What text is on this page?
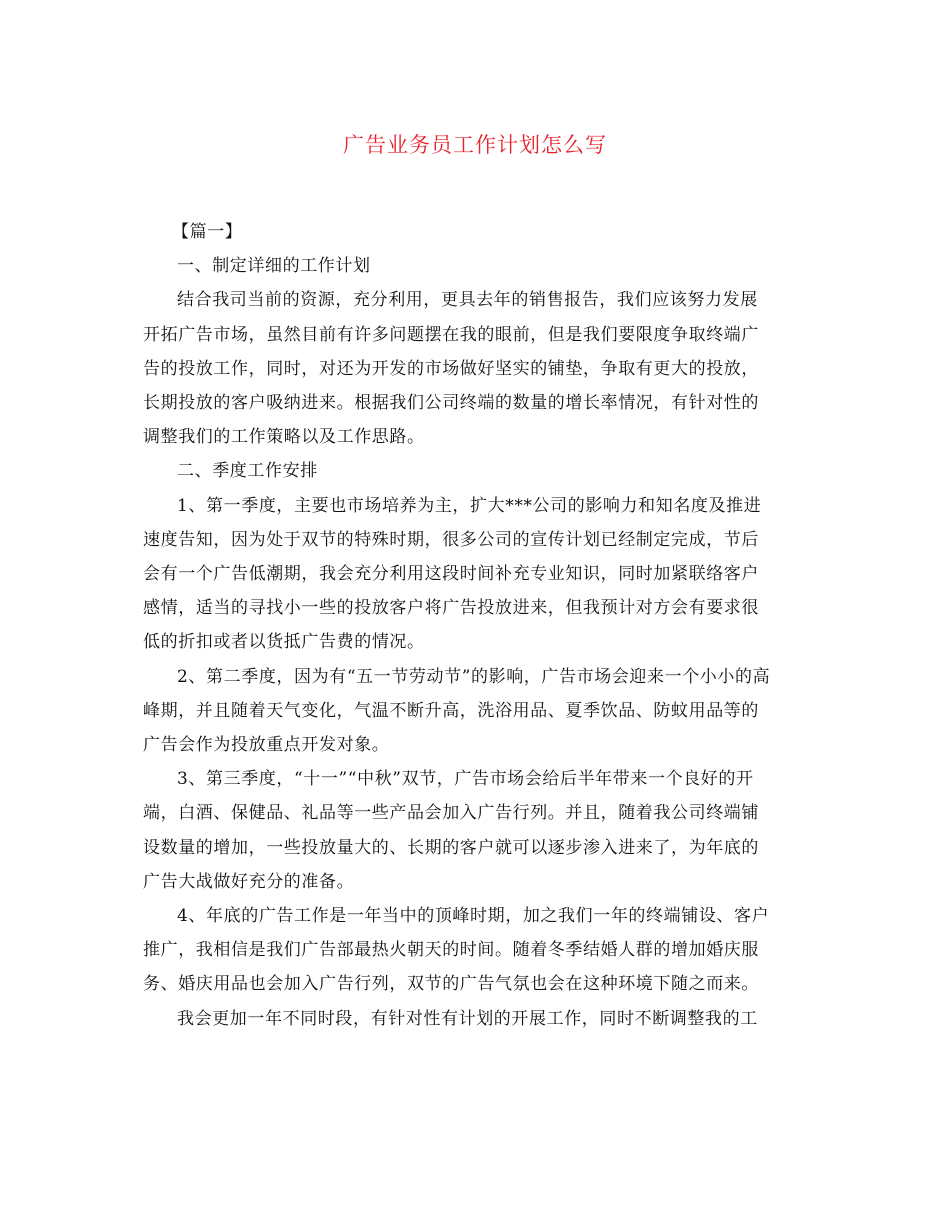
广告业务员工作计划怎么写

【篇一】

一、制定详细的工作计划

结合我司当前的资源，充分利用，更具去年的销售报告，我们应该努力发展

开拓广告市场，虽然目前有许多问题摆在我的眼前，但是我们要限度争取终端广

告的投放工作，同时，对还为开发的市场做好坚实的铺垫，争取有更大的投放，

长期投放的客户吸纳进来。根据我们公司终端的数量的增长率情况，有针对性的

调整我们的工作策略以及工作思路。

二、季度工作安排

1、第一季度，主要也市场培养为主，扩大***公司的影响力和知名度及推进

速度告知，因为处于双节的特殊时期，很多公司的宣传计划已经制定完成，节后

会有一个广告低潮期，我会充分利用这段时间补充专业知识，同时加紧联络客户

感情，适当的寻找小一些的投放客户将广告投放进来，但我预计对方会有要求很

低的折扣或者以货抵广告费的情况。

2、第二季度，因为有“五一节劳动节”的影响，广告市场会迎来一个小小的高

峰期，并且随着天气变化，气温不断升高，洗浴用品、夏季饮品、防蚊用品等的

广告会作为投放重点开发对象。

3、第三季度，“十一”“中秋”双节，广告市场会给后半年带来一个良好的开

端，白酒、保健品、礼品等一些产品会加入广告行列。并且，随着我公司终端铺

设数量的增加，一些投放量大的、长期的客户就可以逐步渗入进来了，为年底的

广告大战做好充分的准备。

4、年底的广告工作是一年当中的顶峰时期，加之我们一年的终端铺设、客户

推广，我相信是我们广告部最热火朝天的时间。随着冬季结婚人群的增加婚庆服

务、婚庆用品也会加入广告行列，双节的广告气氛也会在这种环境下随之而来。

我会更加一年不同时段，有针对性有计划的开展工作，同时不断调整我的工
